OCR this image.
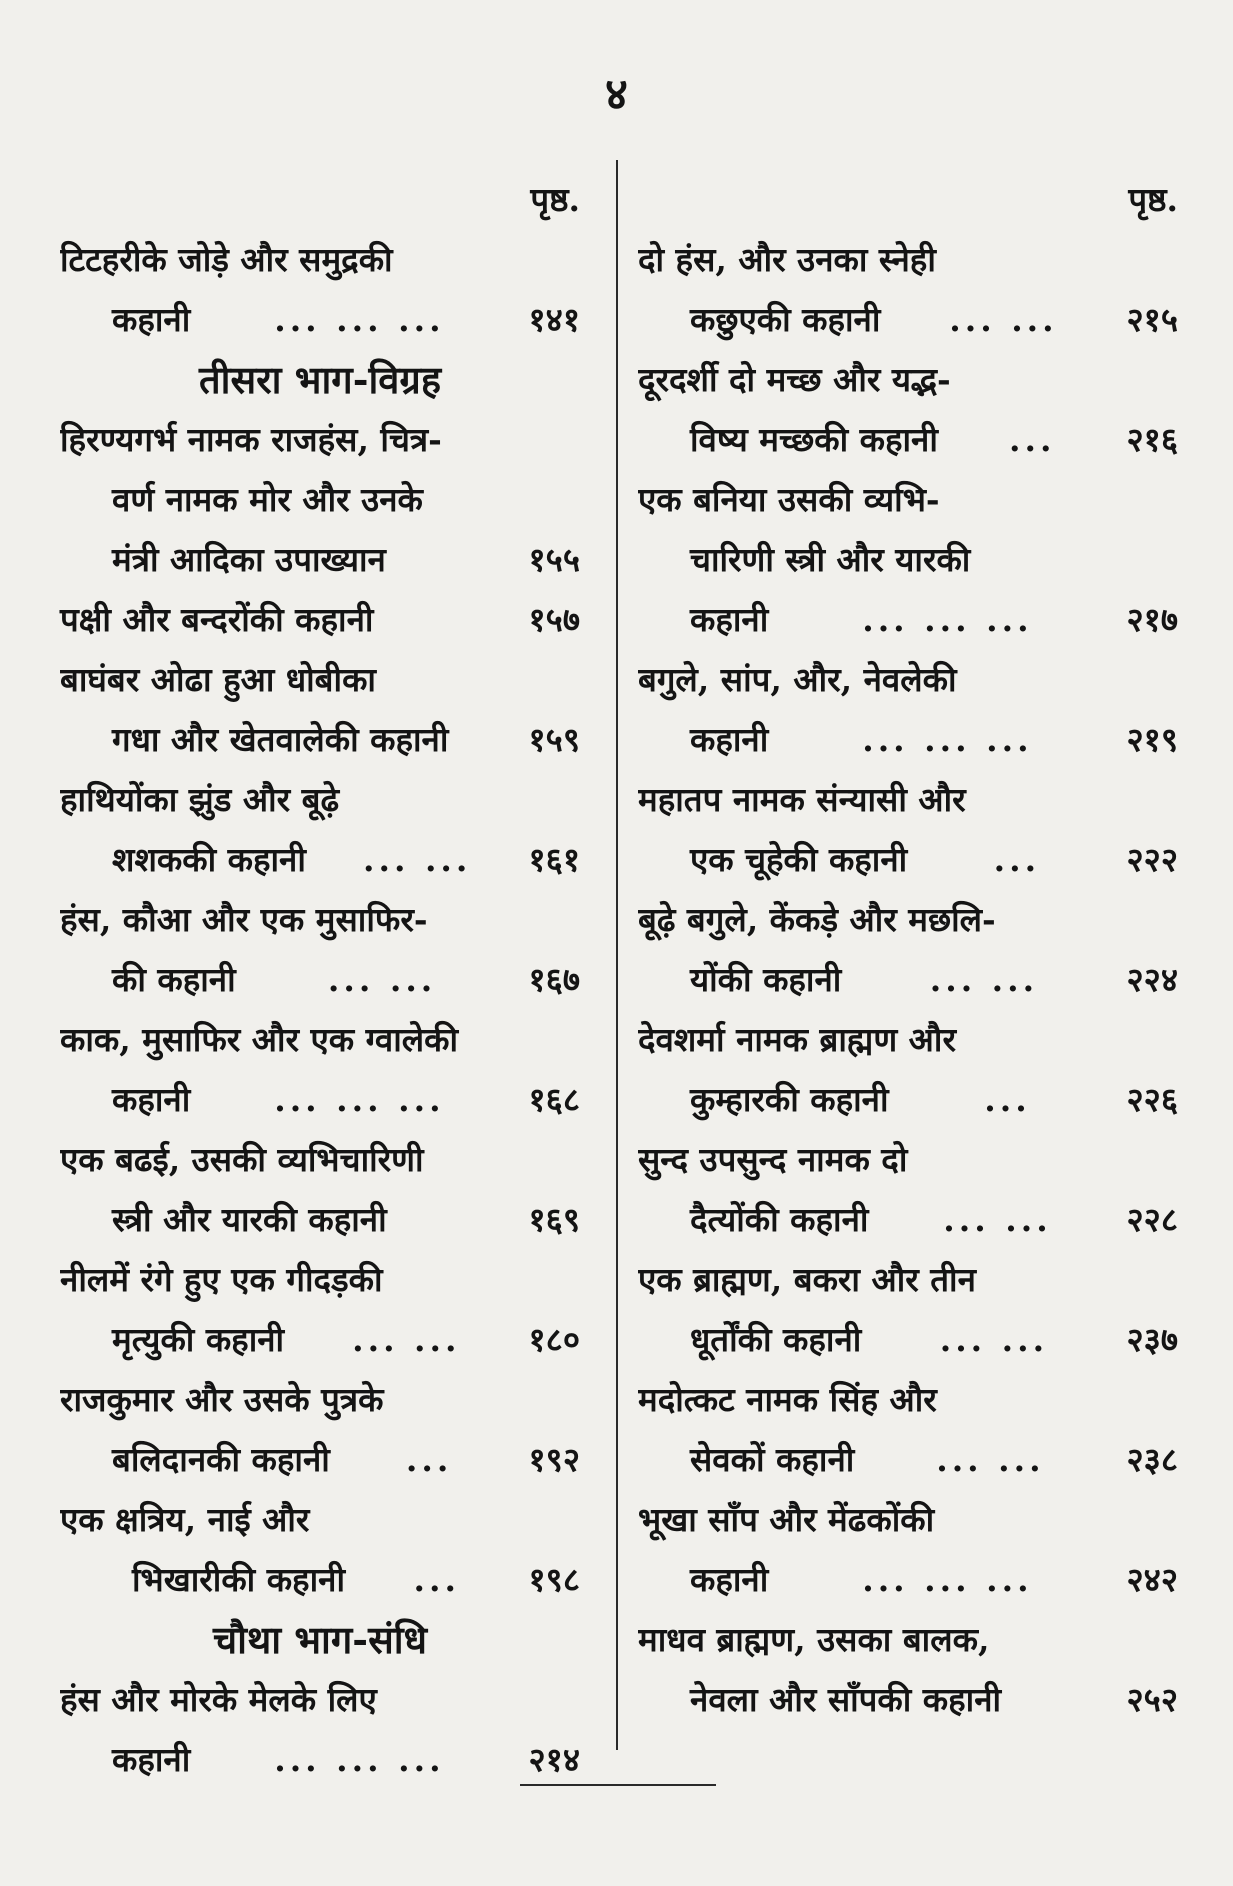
४
पृष्ठ.
टिटहरीके जोड़े और समुद्रकी
कहानी	... ... ...	१४१
तीसरा भाग-विग्रह
हिरण्यगर्भ नामक राजहंस, चित्र-
वर्ण नामक मोर और उनके
मंत्री आदिका उपाख्यान	१५५
पक्षी और बन्दरोंकी कहानी	१५७
बाघंबर ओढा हुआ धोबीका
गधा और खेतवालेकी कहानी १५९
हाथियोंका झुंड और बूढ़े
शशककी कहानी	... ...	१६१
हंस, कौआ और एक मुसाफिर-
की कहानी	... ...	१६७
काक, मुसाफिर और एक ग्वालेकी
कहानी	... ... ...	१६८
एक बढई, उसकी व्यभिचारिणी
स्त्री और यारकी कहानी	१६९
नीलमें रंगे हुए एक गीदड़की
मृत्युकी कहानी	... ...	१८०
राजकुमार और उसके पुत्रके
बलिदानकी कहानी	...	१९२
एक क्षत्रिय, नाई और
भिखारीकी कहानी	...	१९८
चौथा भाग-संधि
हंस और मोरके मेलके लिए
कहानी	... ... ...	२१४
पृष्ठ.
दो हंस, और उनका स्नेही
कछुएकी कहानी	... ...	२१५
दूरदर्शी दो मच्छ और यद्भ-
विष्य मच्छकी कहानी	...	२१६
एक बनिया उसकी व्यभि-
चारिणी स्त्री और यारकी
कहानी	... ... ...	२१७
बगुले, सांप, और, नेवलेकी
कहानी	... ... ...	२१९
महातप नामक संन्यासी और
एक चूहेकी कहानी	...	२२२
बूढ़े बगुले, केंकड़े और मछलि-
योंकी कहानी	... ...	२२४
देवशर्मा नामक ब्राह्मण और
कुम्हारकी कहानी	...	२२६
सुन्द उपसुन्द नामक दो
दैत्योंकी कहानी	... ...	२२८
एक ब्राह्मण, बकरा और तीन
धूर्तोंकी कहानी	... ...	२३७
मदोत्कट नामक सिंह और
सेवकों कहानी	... ...	२३८
भूखा साँप और मेंढकोंकी
कहानी	... ... ...	२४२
माधव ब्राह्मण, उसका बालक,
नेवला और साँपकी कहानी	२५२
